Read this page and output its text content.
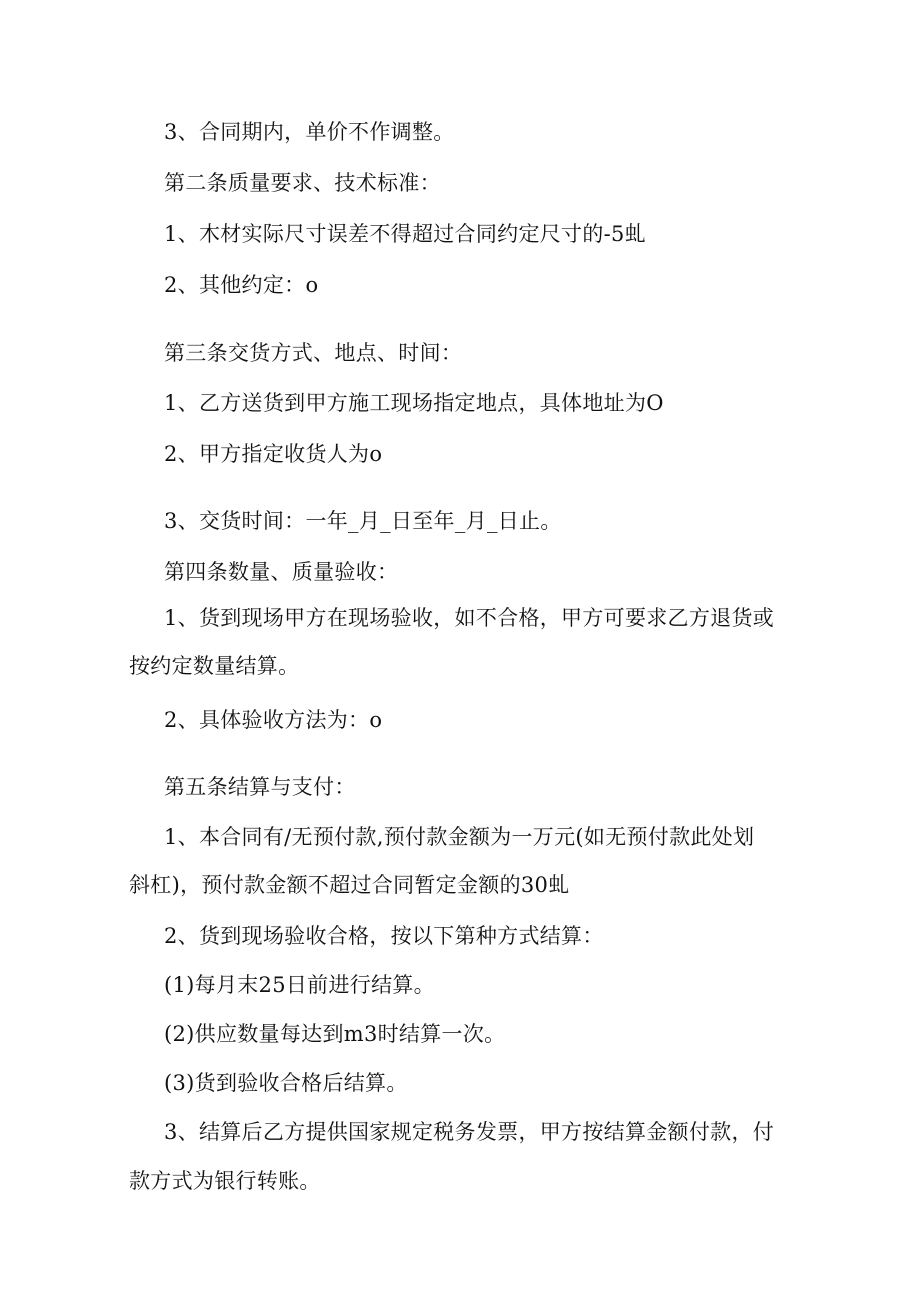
3、合同期内，单价不作调整。
第二条质量要求、技术标准：
1、木材实际尺寸误差不得超过合同约定尺寸的-5虬
2、其他约定：o
第三条交货方式、地点、时间：
1、乙方送货到甲方施工现场指定地点，具体地址为O
2、甲方指定收货人为o
3、交货时间：一年_月_日至年_月_日止。
第四条数量、质量验收：
1、货到现场甲方在现场验收，如不合格，甲方可要求乙方退货或
按约定数量结算。
2、具体验收方法为：o
第五条结算与支付：
1、本合同有/无预付款,预付款金额为一万元(如无预付款此处划
斜杠)，预付款金额不超过合同暂定金额的30虬
2、货到现场验收合格，按以下第种方式结算：
(1)每月末25日前进行结算。
(2)供应数量每达到m3时结算一次。
(3)货到验收合格后结算。
3、结算后乙方提供国家规定税务发票，甲方按结算金额付款，付
款方式为银行转账。
